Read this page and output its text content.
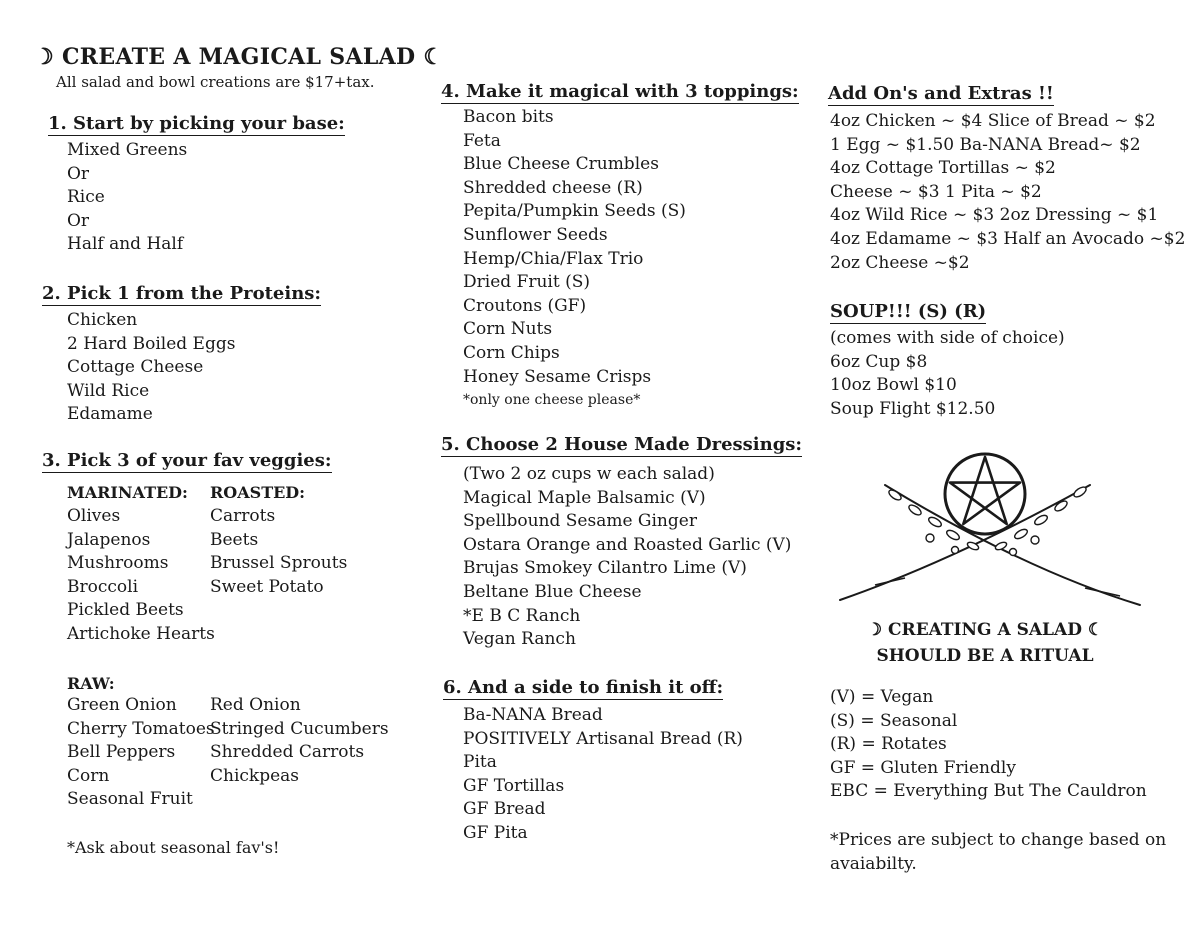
☽ CREATE A MAGICAL SALAD ☾
All salad and bowl creations are $17+tax.
1. Start by picking your base:
Mixed Greens
Or
Rice
Or
Half and Half
2. Pick 1 from the Proteins:
Chicken
2 Hard Boiled Eggs
Cottage Cheese
Wild Rice
Edamame
3. Pick 3 of your fav veggies:
MARINATED: ROASTED:
Olives
Jalapenos
Mushrooms
Broccoli
Pickled Beets
Artichoke Hearts
Carrots
Beets
Brussel Sprouts
Sweet Potato
RAW:
Green Onion
Cherry Tomatoes
Bell Peppers
Corn
Seasonal Fruit
Red Onion
Stringed Cucumbers
Shredded Carrots
Chickpeas
*Ask about seasonal fav's!
4. Make it magical with 3 toppings:
Bacon bits
Feta
Blue Cheese Crumbles
Shredded cheese (R)
Pepita/Pumpkin Seeds (S)
Sunflower Seeds
Hemp/Chia/Flax Trio
Dried Fruit (S)
Croutons (GF)
Corn Nuts
Corn Chips
Honey Sesame Crisps
*only one cheese please*
5. Choose 2 House Made Dressings:
(Two 2 oz cups w each salad)
Magical Maple Balsamic (V)
Spellbound Sesame Ginger
Ostara Orange and Roasted Garlic (V)
Brujas Smokey Cilantro Lime (V)
Beltane Blue Cheese
*E B C Ranch
Vegan Ranch
6. And a side to finish it off:
Ba-NANA Bread
POSITIVELY Artisanal Bread (R)
Pita
GF Tortillas
GF Bread
GF Pita
Add On's and Extras !!
4oz Chicken ~ $4 Slice of Bread ~ $2
1 Egg ~ $1.50 Ba-NANA Bread~ $2
4oz Cottage Tortillas ~ $2
Cheese ~ $3 1 Pita ~ $2
4oz Wild Rice ~ $3 2oz Dressing ~ $1
4oz Edamame ~ $3 Half an Avocado ~$2
2oz Cheese ~$2
SOUP!!! (S) (R)
(comes with side of choice)
6oz Cup $8
10oz Bowl $10
Soup Flight $12.50
☽ CREATING A SALAD ☾
SHOULD BE A RITUAL
(V) = Vegan
(S) = Seasonal
(R) = Rotates
GF = Gluten Friendly
EBC = Everything But The Cauldron
*Prices are subject to change based on
avaiabilty.
